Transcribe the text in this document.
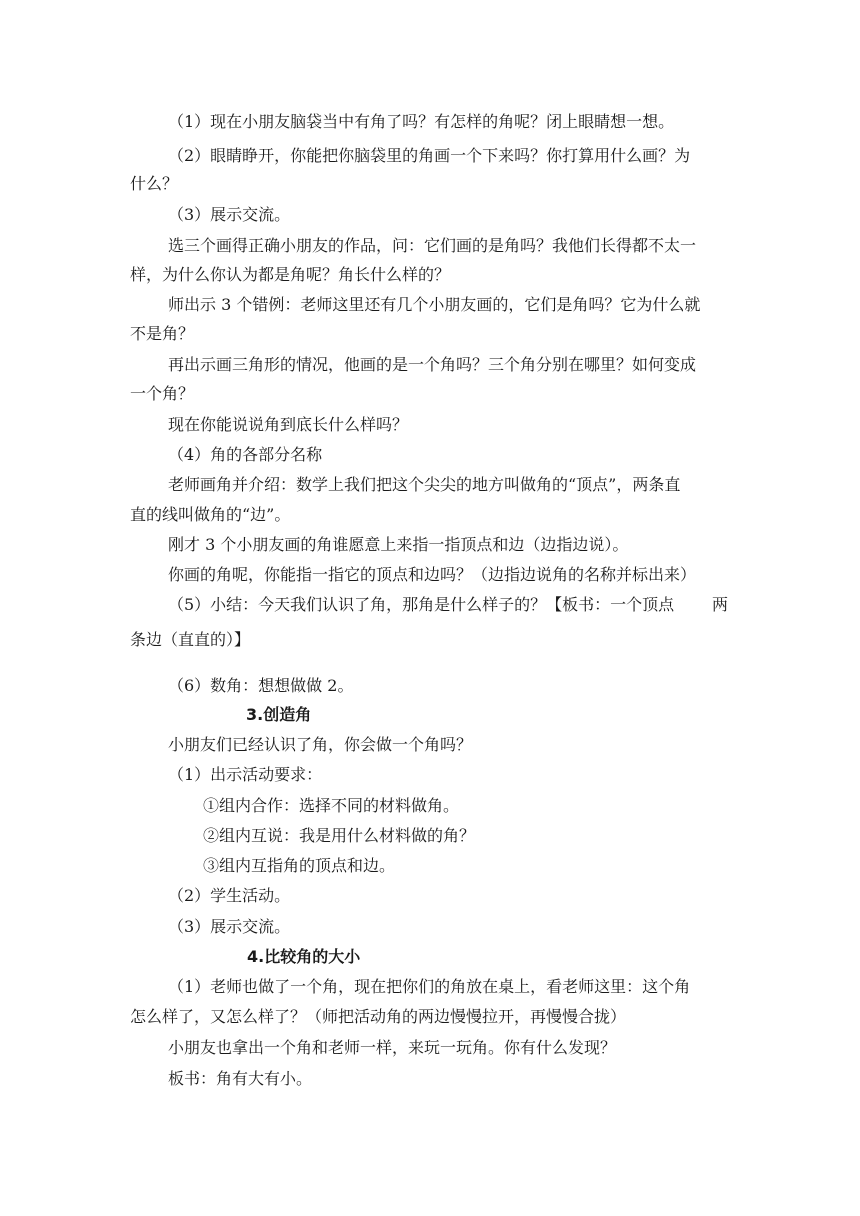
（1）现在小朋友脑袋当中有角了吗？有怎样的角呢？闭上眼睛想一想。
（2）眼睛睁开，你能把你脑袋里的角画一个下来吗？你打算用什么画？为
什么？
（3）展示交流。
选三个画得正确小朋友的作品，问：它们画的是角吗？我他们长得都不太一
样，为什么你认为都是角呢？角长什么样的？
师出示 3 个错例：老师这里还有几个小朋友画的，它们是角吗？它为什么就
不是角？
再出示画三角形的情况，他画的是一个角吗？三个角分别在哪里？如何变成
一个角？
现在你能说说角到底长什么样吗？
（4）角的各部分名称
老师画角并介绍：数学上我们把这个尖尖的地方叫做角的“顶点”，两条直
直的线叫做角的“边”。
刚才 3 个小朋友画的角谁愿意上来指一指顶点和边（边指边说）。
你画的角呢，你能指一指它的顶点和边吗？（边指边说角的名称并标出来）
（5）小结：今天我们认识了角，那角是什么样子的？【板书：一个顶点	两
条边（直直的）】
（6）数角：想想做做 2。
3.创造角
小朋友们已经认识了角，你会做一个角吗？
（1）出示活动要求：
①组内合作：选择不同的材料做角。
②组内互说：我是用什么材料做的角？
③组内互指角的顶点和边。
（2）学生活动。
（3）展示交流。
4.比较角的大小
（1）老师也做了一个角，现在把你们的角放在桌上，看老师这里：这个角
怎么样了，又怎么样了？（师把活动角的两边慢慢拉开，再慢慢合拢）
小朋友也拿出一个角和老师一样，来玩一玩角。你有什么发现？
板书：角有大有小。
